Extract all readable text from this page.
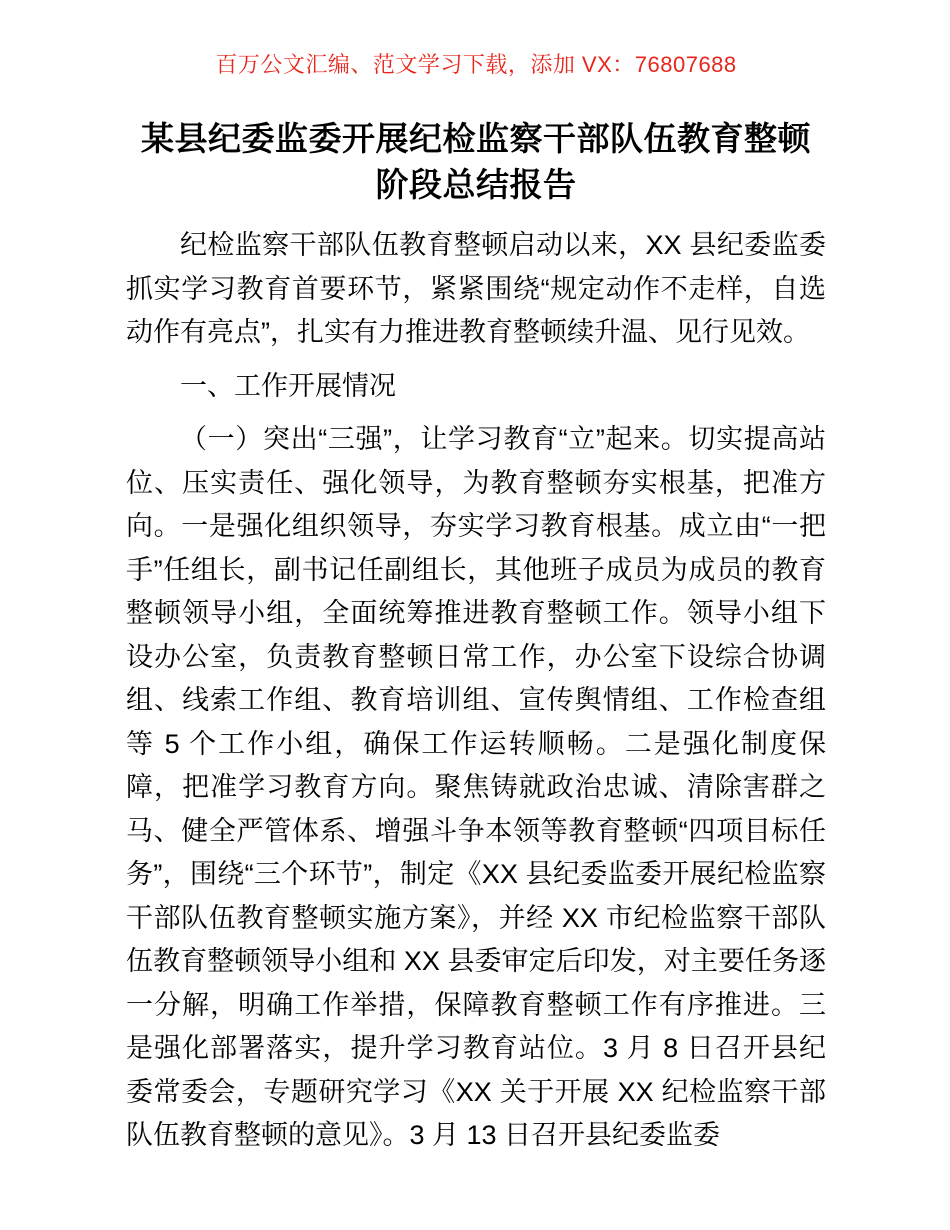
百万公文汇编、范文学习下载，添加 VX：76807688
某县纪委监委开展纪检监察干部队伍教育整顿阶段总结报告

纪检监察干部队伍教育整顿启动以来，XX 县纪委监委抓实学习教育首要环节，紧紧围绕“规定动作不走样，自选动作有亮点”，扎实有力推进教育整顿续升温、见行见效。

一、工作开展情况

（一）突出“三强”，让学习教育“立”起来。切实提高站位、压实责任、强化领导，为教育整顿夯实根基，把准方向。一是强化组织领导，夯实学习教育根基。成立由“一把手”任组长，副书记任副组长，其他班子成员为成员的教育整顿领导小组，全面统筹推进教育整顿工作。领导小组下设办公室，负责教育整顿日常工作，办公室下设综合协调组、线索工作组、教育培训组、宣传舆情组、工作检查组等 5 个工作小组，确保工作运转顺畅。二是强化制度保障，把准学习教育方向。聚焦铸就政治忠诚、清除害群之马、健全严管体系、增强斗争本领等教育整顿“四项目标任务”，围绕“三个环节”，制定《XX 县纪委监委开展纪检监察干部队伍教育整顿实施方案》，并经 XX 市纪检监察干部队伍教育整顿领导小组和 XX 县委审定后印发，对主要任务逐一分解，明确工作举措，保障教育整顿工作有序推进。三是强化部署落实，提升学习教育站位。3 月 8 日召开县纪委常委会，专题研究学习《XX 关于开展 XX 纪检监察干部队伍教育整顿的意见》。3 月 13 日召开县纪委监委
